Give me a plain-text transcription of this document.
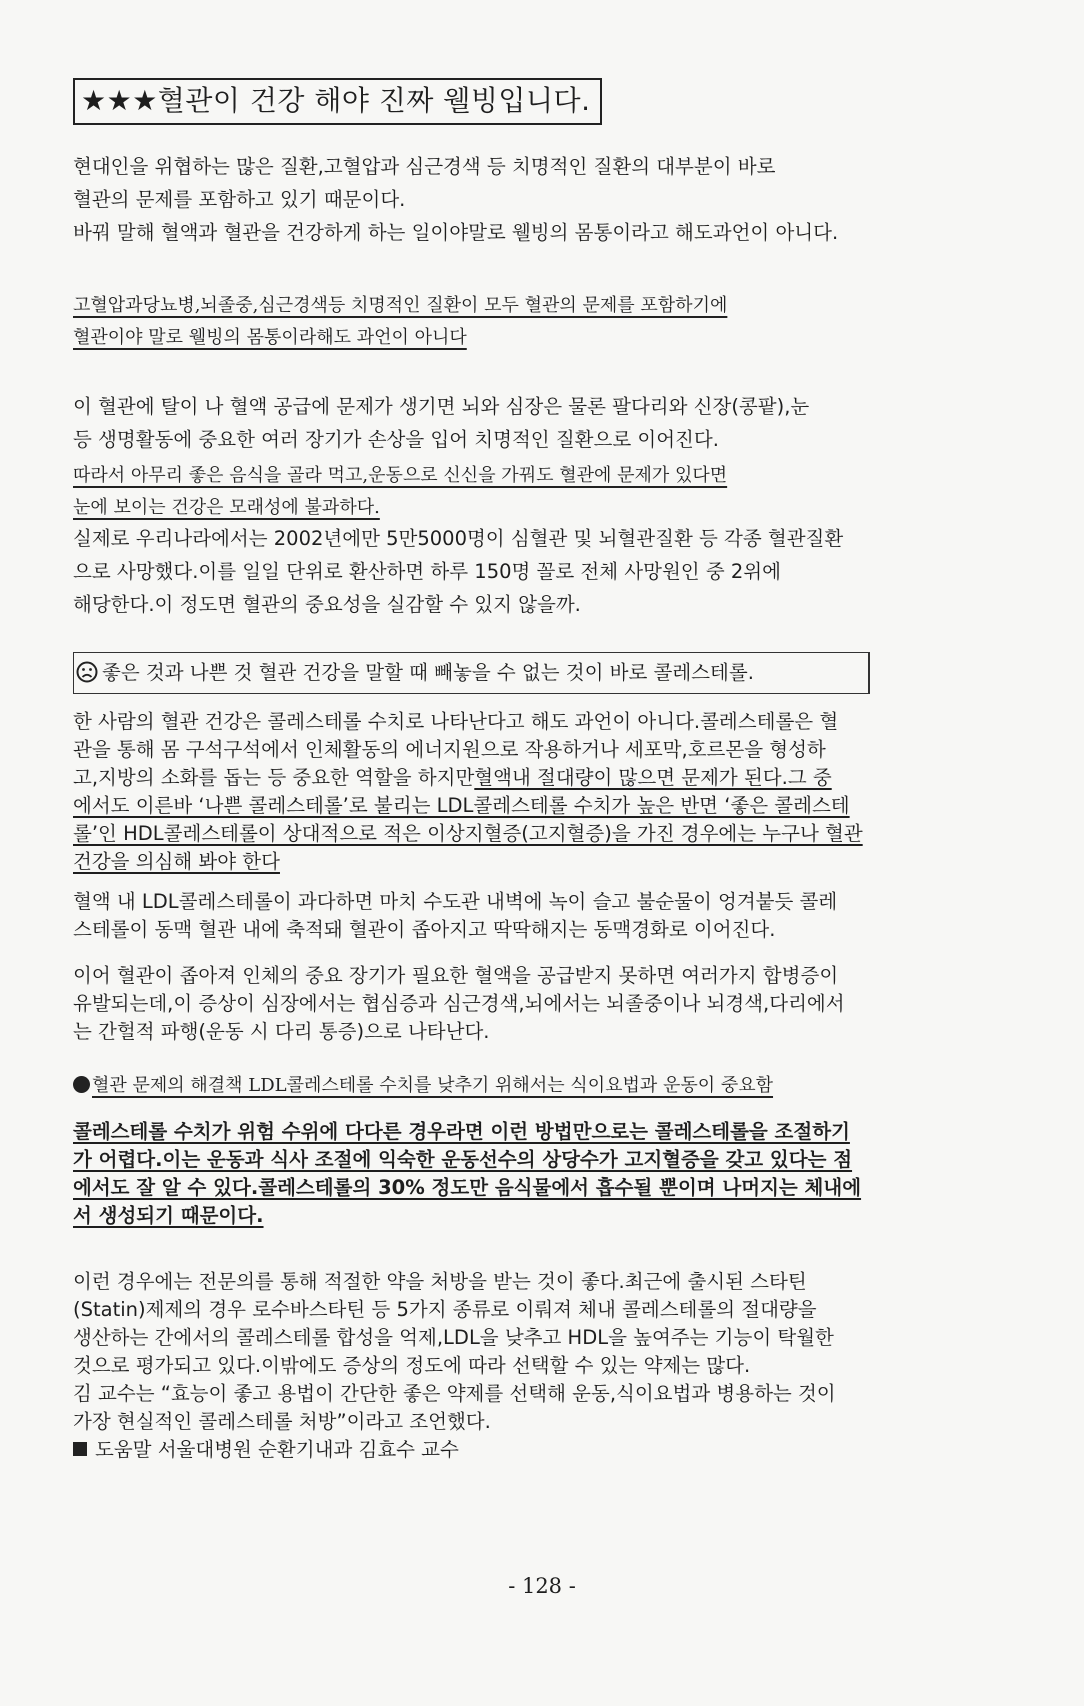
★★★혈관이 건강 해야 진짜 웰빙입니다.

현대인을 위협하는 많은 질환,고혈압과 심근경색 등 치명적인 질환의 대부분이 바로

혈관의 문제를 포함하고 있기 때문이다.

바꿔 말해 혈액과 혈관을 건강하게 하는 일이야말로 웰빙의 몸통이라고 해도과언이 아니다.

고혈압과당뇨병,뇌졸중,심근경색등 치명적인 질환이 모두 혈관의 문제를 포함하기에

혈관이야 말로 웰빙의 몸통이라해도 과언이 아니다

이 혈관에 탈이 나 혈액 공급에 문제가 생기면 뇌와 심장은 물론 팔다리와 신장(콩팥),눈

등 생명활동에 중요한 여러 장기가 손상을 입어 치명적인 질환으로 이어진다.

따라서 아무리 좋은 음식을 골라 먹고,운동으로 신신을 가꿔도 혈관에 문제가 있다면

눈에 보이는 건강은 모래성에 불과하다.

실제로 우리나라에서는 2002년에만 5만5000명이 심혈관 및 뇌혈관질환 등 각종 혈관질환

으로 사망했다.이를 일일 단위로 환산하면 하루 150명 꼴로 전체 사망원인 중 2위에

해당한다.이 정도면 혈관의 중요성을 실감할 수 있지 않을까.

좋은 것과 나쁜 것 혈관 건강을 말할 때 빼놓을 수 없는 것이 바로 콜레스테롤.

한 사람의 혈관 건강은 콜레스테롤 수치로 나타난다고 해도 과언이 아니다.콜레스테롤은 혈

관을 통해 몸 구석구석에서 인체활동의 에너지원으로 작용하거나 세포막,호르몬을 형성하

고,지방의 소화를 돕는 등 중요한 역할을 하지만혈액내 절대량이 많으면 문제가 된다.그 중

에서도 이른바 ‘나쁜 콜레스테롤’로 불리는 LDL콜레스테롤 수치가 높은 반면 ‘좋은 콜레스테

롤’인 HDL콜레스테롤이 상대적으로 적은 이상지혈증(고지혈증)을 가진 경우에는 누구나 혈관

건강을 의심해 봐야 한다

혈액 내 LDL콜레스테롤이 과다하면 마치 수도관 내벽에 녹이 슬고 불순물이 엉겨붙듯 콜레

스테롤이 동맥 혈관 내에 축적돼 혈관이 좁아지고 딱딱해지는 동맥경화로 이어진다.

이어 혈관이 좁아져 인체의 중요 장기가 필요한 혈액을 공급받지 못하면 여러가지 합병증이

유발되는데,이 증상이 심장에서는 협심증과 심근경색,뇌에서는 뇌졸중이나 뇌경색,다리에서

는 간헐적 파행(운동 시 다리 통증)으로 나타난다.

혈관 문제의 해결책 LDL콜레스테롤 수치를 낮추기 위해서는 식이요법과 운동이 중요함

콜레스테롤 수치가 위험 수위에 다다른 경우라면 이런 방법만으로는 콜레스테롤을 조절하기

가 어렵다.이는 운동과 식사 조절에 익숙한 운동선수의 상당수가 고지혈증을 갖고 있다는 점

에서도 잘 알 수 있다.콜레스테롤의 30% 정도만 음식물에서 흡수될 뿐이며 나머지는 체내에

서 생성되기 때문이다.

이런 경우에는 전문의를 통해 적절한 약을 처방을 받는 것이 좋다.최근에 출시된 스타틴

(Statin)제제의 경우 로수바스타틴 등 5가지 종류로 이뤄져 체내 콜레스테롤의 절대량을

생산하는 간에서의 콜레스테롤 합성을 억제,LDL을 낮추고 HDL을 높여주는 기능이 탁월한

것으로 평가되고 있다.이밖에도 증상의 정도에 따라 선택할 수 있는 약제는 많다.

김 교수는 “효능이 좋고 용법이 간단한 좋은 약제를 선택해 운동,식이요법과 병용하는 것이

가장 현실적인 콜레스테롤 처방”이라고 조언했다.

도움말 서울대병원 순환기내과 김효수 교수

- 128 -
